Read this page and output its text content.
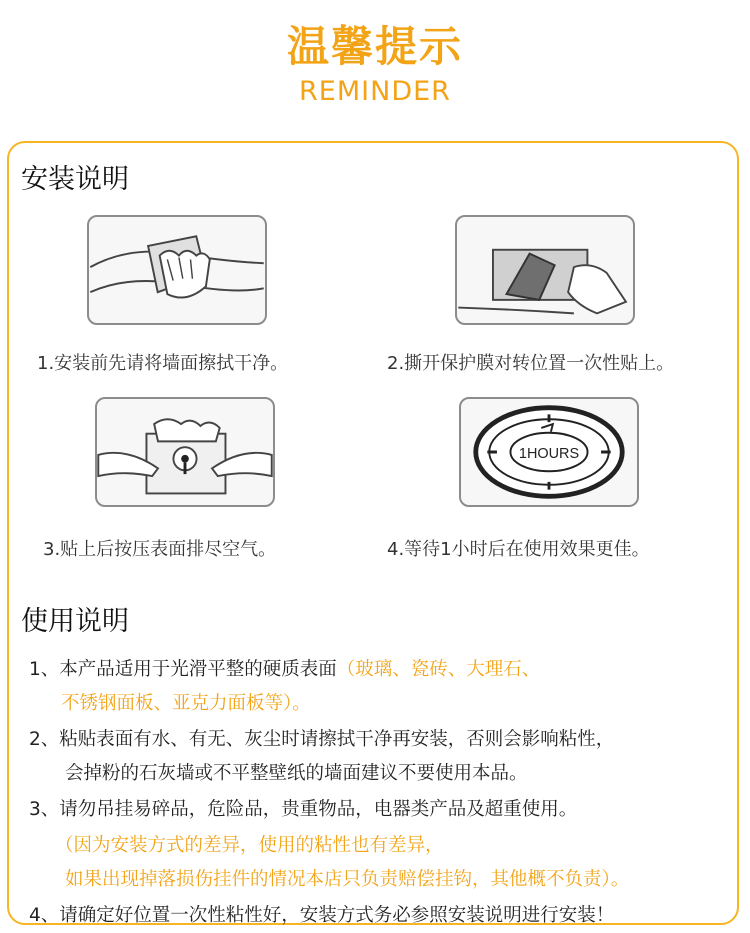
温馨提示
REMINDER
安装说明
1.安装前先请将墙面擦拭干净。	2.撕开保护膜对转位置一次性贴上。
3.贴上后按压表面排尽空气。
1HOURS
4.等待1小时后在使用效果更佳。
使用说明
1、本产品适用于光滑平整的硬质表面（玻璃、瓷砖、大理石、
不锈钢面板、亚克力面板等）。
2、粘贴表面有水、有无、灰尘时请擦拭干净再安装，否则会影响粘性，
会掉粉的石灰墙或不平整壁纸的墙面建议不要使用本品。
3、请勿吊挂易碎品，危险品，贵重物品，电器类产品及超重使用。
（因为安装方式的差异，使用的粘性也有差异，
如果出现掉落损伤挂件的情况本店只负责赔偿挂钩，其他概不负责）。
4、请确定好位置一次性粘性好，安装方式务必参照安装说明进行安装！
